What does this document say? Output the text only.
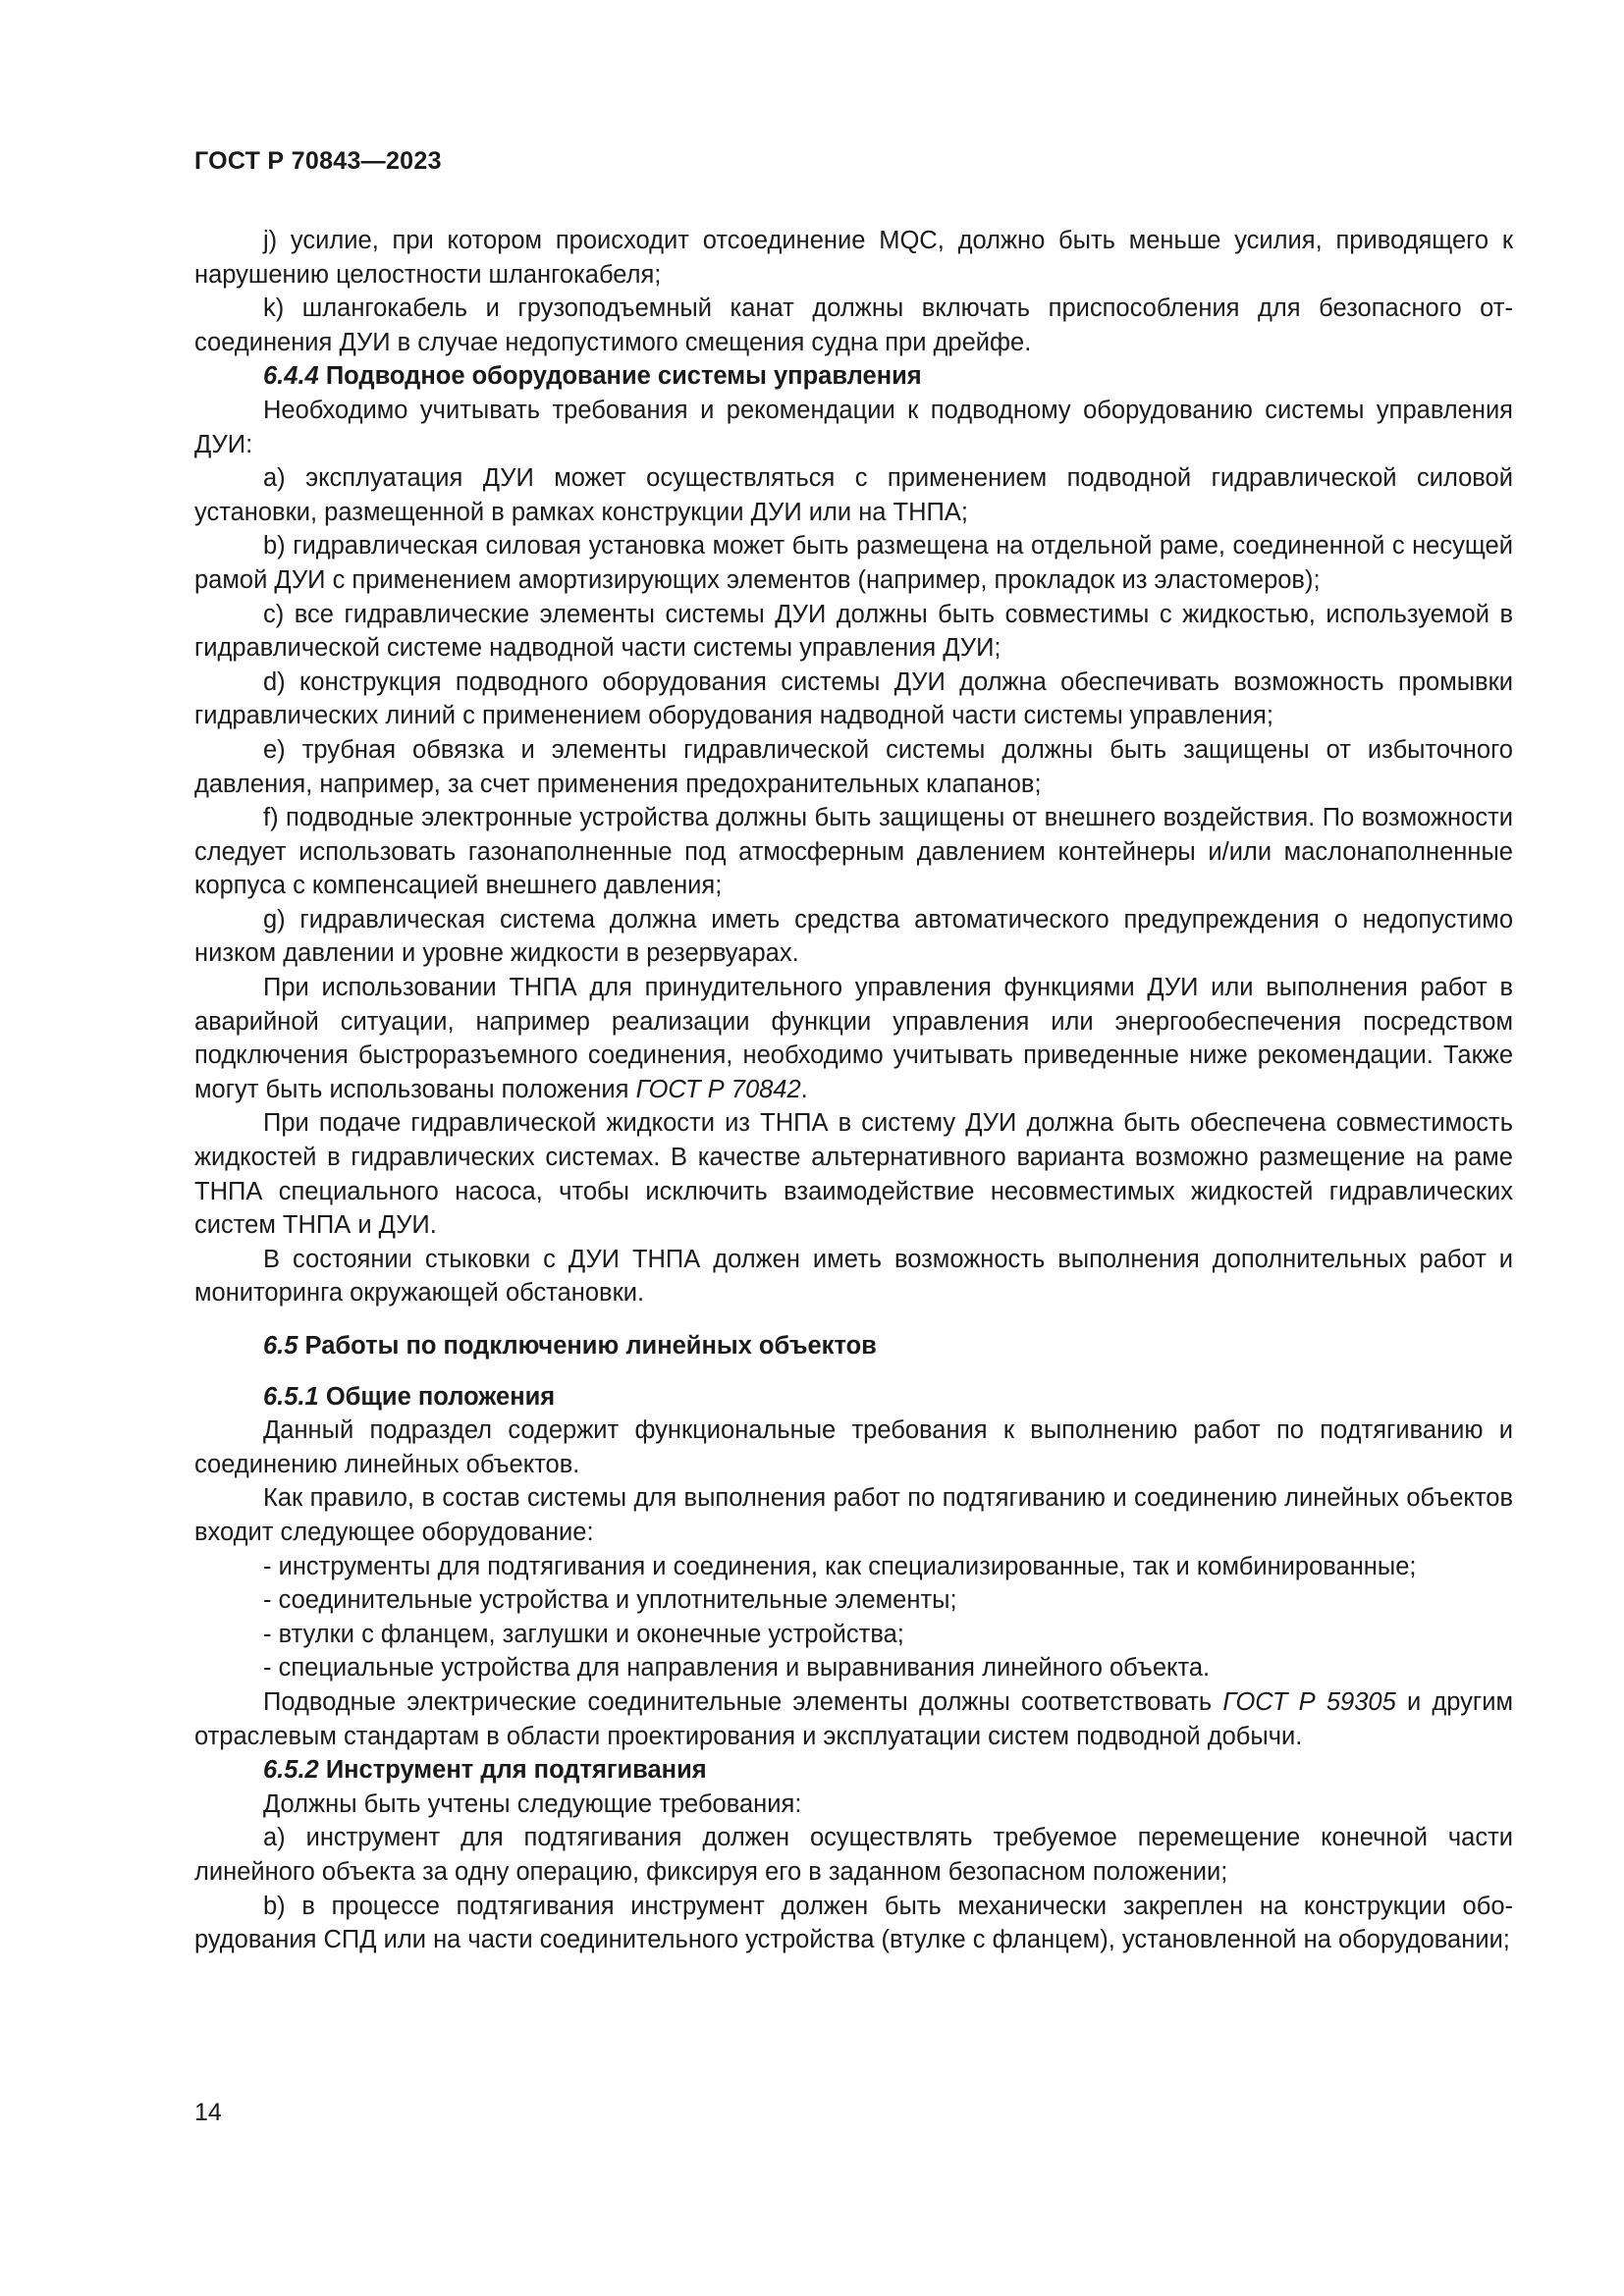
ГОСТ Р 70843—2023

j) усилие, при котором происходит отсоединение MQC, должно быть меньше усилия, приводящего к нарушению целостности шлангокабеля;

k) шлангокабель и грузоподъемный канат должны включать приспособления для безопасного отсоединения ДУИ в случае недопустимого смещения судна при дрейфе.

6.4.4 Подводное оборудование системы управления

Необходимо учитывать требования и рекомендации к подводному оборудованию системы управления ДУИ:

a) эксплуатация ДУИ может осуществляться с применением подводной гидравлической силовой установки, размещенной в рамках конструкции ДУИ или на ТНПА;

b) гидравлическая силовая установка может быть размещена на отдельной раме, соединенной с несущей рамой ДУИ с применением амортизирующих элементов (например, прокладок из эластомеров);

c) все гидравлические элементы системы ДУИ должны быть совместимы с жидкостью, используемой в гидравлической системе надводной части системы управления ДУИ;

d) конструкция подводного оборудования системы ДУИ должна обеспечивать возможность промывки гидравлических линий с применением оборудования надводной части системы управления;

e) трубная обвязка и элементы гидравлической системы должны быть защищены от избыточного давления, например, за счет применения предохранительных клапанов;

f) подводные электронные устройства должны быть защищены от внешнего воздействия. По возможности следует использовать газонаполненные под атмосферным давлением контейнеры и/или маслонаполненные корпуса с компенсацией внешнего давления;

g) гидравлическая система должна иметь средства автоматического предупреждения о недопустимо низком давлении и уровне жидкости в резервуарах.

При использовании ТНПА для принудительного управления функциями ДУИ или выполнения работ в аварийной ситуации, например реализации функции управления или энергообеспечения посредством подключения быстроразъемного соединения, необходимо учитывать приведенные ниже рекомендации. Также могут быть использованы положения ГОСТ Р 70842.

При подаче гидравлической жидкости из ТНПА в систему ДУИ должна быть обеспечена совместимость жидкостей в гидравлических системах. В качестве альтернативного варианта возможно размещение на раме ТНПА специального насоса, чтобы исключить взаимодействие несовместимых жидкостей гидравлических систем ТНПА и ДУИ.

В состоянии стыковки с ДУИ ТНПА должен иметь возможность выполнения дополнительных работ и мониторинга окружающей обстановки.

6.5 Работы по подключению линейных объектов

6.5.1 Общие положения

Данный подраздел содержит функциональные требования к выполнению работ по подтягиванию и соединению линейных объектов.

Как правило, в состав системы для выполнения работ по подтягиванию и соединению линейных объектов входит следующее оборудование:

- инструменты для подтягивания и соединения, как специализированные, так и комбинированные;

- соединительные устройства и уплотнительные элементы;

- втулки с фланцем, заглушки и оконечные устройства;

- специальные устройства для направления и выравнивания линейного объекта.

Подводные электрические соединительные элементы должны соответствовать ГОСТ Р 59305 и другим отраслевым стандартам в области проектирования и эксплуатации систем подводной добычи.

6.5.2 Инструмент для подтягивания

Должны быть учтены следующие требования:

a) инструмент для подтягивания должен осуществлять требуемое перемещение конечной части линейного объекта за одну операцию, фиксируя его в заданном безопасном положении;

b) в процессе подтягивания инструмент должен быть механически закреплен на конструкции оборудования СПД или на части соединительного устройства (втулке с фланцем), установленной на оборудовании;

14
